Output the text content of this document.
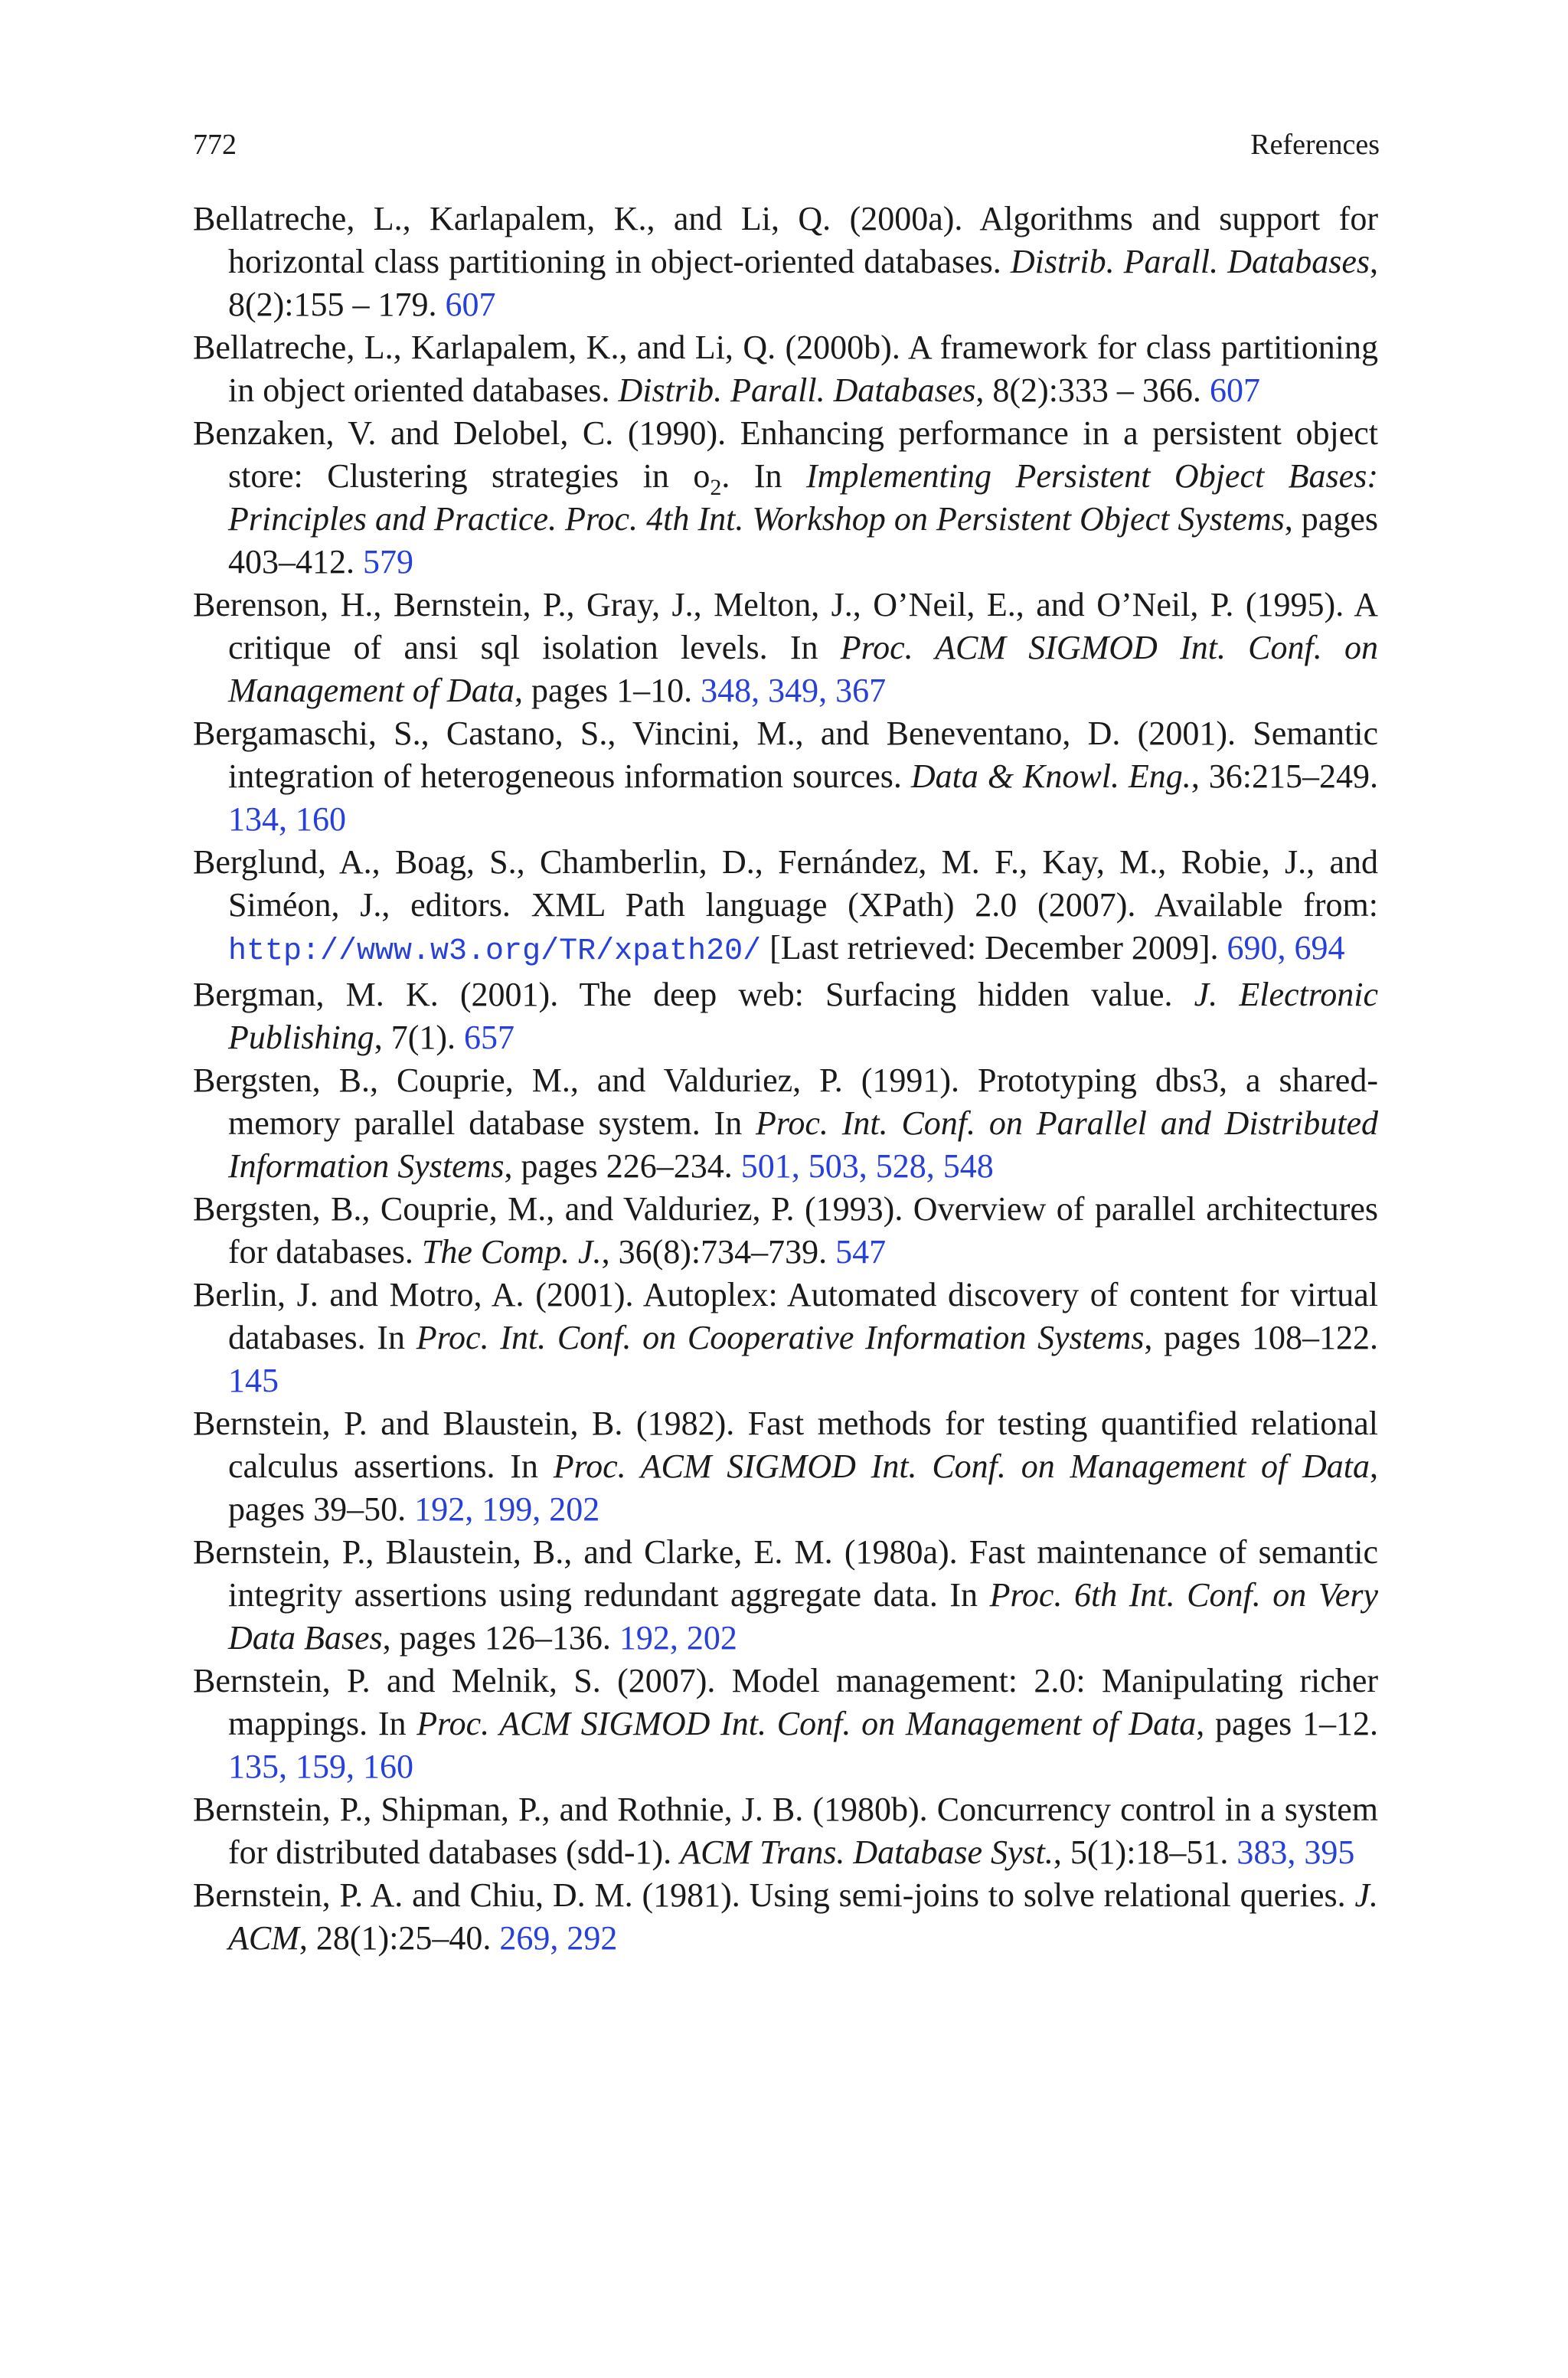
772	References

Bellatreche, L., Karlapalem, K., and Li, Q. (2000a). Algorithms and support for horizontal class partitioning in object-oriented databases. Distrib. Parall. Databases, 8(2):155 – 179. 607

Bellatreche, L., Karlapalem, K., and Li, Q. (2000b). A framework for class partitioning in object oriented databases. Distrib. Parall. Databases, 8(2):333 – 366. 607

Benzaken, V. and Delobel, C. (1990). Enhancing performance in a persistent object store: Clustering strategies in $o_2$. In Implementing Persistent Object Bases: Principles and Practice. Proc. 4th Int. Workshop on Persistent Object Systems, pages 403–412. 579

Berenson, H., Bernstein, P., Gray, J., Melton, J., O’Neil, E., and O’Neil, P. (1995). A critique of ansi sql isolation levels. In Proc. ACM SIGMOD Int. Conf. on Management of Data, pages 1–10. 348, 349, 367

Bergamaschi, S., Castano, S., Vincini, M., and Beneventano, D. (2001). Semantic integration of heterogeneous information sources. Data & Knowl. Eng., 36:215–249. 134, 160

Berglund, A., Boag, S., Chamberlin, D., Fernández, M. F., Kay, M., Robie, J., and Siméon, J., editors. XML Path language (XPath) 2.0 (2007). Available from: http://www.w3.org/TR/xpath20/ [Last retrieved: December 2009]. 690, 694

Bergman, M. K. (2001). The deep web: Surfacing hidden value. J. Electronic Publishing, 7(1). 657

Bergsten, B., Couprie, M., and Valduriez, P. (1991). Prototyping dbs3, a shared-memory parallel database system. In Proc. Int. Conf. on Parallel and Distributed Information Systems, pages 226–234. 501, 503, 528, 548

Bergsten, B., Couprie, M., and Valduriez, P. (1993). Overview of parallel architectures for databases. The Comp. J., 36(8):734–739. 547

Berlin, J. and Motro, A. (2001). Autoplex: Automated discovery of content for virtual databases. In Proc. Int. Conf. on Cooperative Information Systems, pages 108–122. 145

Bernstein, P. and Blaustein, B. (1982). Fast methods for testing quantified relational calculus assertions. In Proc. ACM SIGMOD Int. Conf. on Management of Data, pages 39–50. 192, 199, 202

Bernstein, P., Blaustein, B., and Clarke, E. M. (1980a). Fast maintenance of semantic integrity assertions using redundant aggregate data. In Proc. 6th Int. Conf. on Very Data Bases, pages 126–136. 192, 202

Bernstein, P. and Melnik, S. (2007). Model management: 2.0: Manipulating richer mappings. In Proc. ACM SIGMOD Int. Conf. on Management of Data, pages 1–12. 135, 159, 160

Bernstein, P., Shipman, P., and Rothnie, J. B. (1980b). Concurrency control in a system for distributed databases (sdd-1). ACM Trans. Database Syst., 5(1):18–51. 383, 395

Bernstein, P. A. and Chiu, D. M. (1981). Using semi-joins to solve relational queries. J. ACM, 28(1):25–40. 269, 292
